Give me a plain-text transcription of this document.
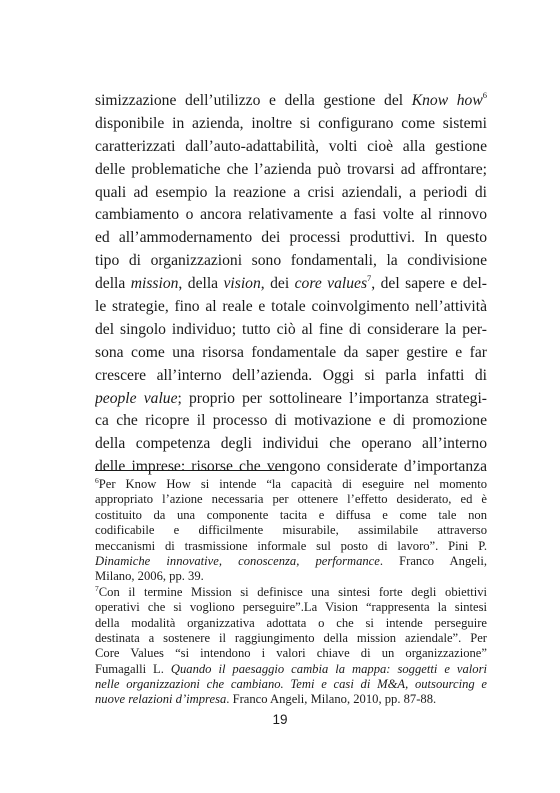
simizzazione dell’utilizzo e della gestione del Know how$^6$
disponibile in azienda, inoltre si configurano come sistemi
caratterizzati dall’auto-adattabilità, volti cioè alla gestione
delle problematiche che l’azienda può trovarsi ad affrontare;
quali ad esempio la reazione a crisi aziendali, a periodi di
cambiamento o ancora relativamente a fasi volte al rinnovo
ed all’ammodernamento dei processi produttivi. In questo
tipo di organizzazioni sono fondamentali, la condivisione
della mission, della vision, dei core values$^7$, del sapere e del-
le strategie, fino al reale e totale coinvolgimento nell’attività
del singolo individuo; tutto ciò al fine di considerare la per-
sona come una risorsa fondamentale da saper gestire e far
crescere all’interno dell’azienda. Oggi si parla infatti di
people value; proprio per sottolineare l’importanza strategi-
ca che ricopre il processo di motivazione e di promozione
della competenza degli individui che operano all’interno
delle imprese: risorse che vengono considerate d’importanza
$^6$Per Know How si intende “la capacità di eseguire nel momento
appropriato l’azione necessaria per ottenere l’effetto desiderato, ed è
costituito da una componente tacita e diffusa e come tale non
codificabile e difficilmente misurabile, assimilabile attraverso
meccanismi di trasmissione informale sul posto di lavoro”. Pini P.
Dinamiche innovative, conoscenza, performance. Franco Angeli,
Milano, 2006, pp. 39.
$^7$Con il termine Mission si definisce una sintesi forte degli obiettivi
operativi che si vogliono perseguire”.La Vision “rappresenta la sintesi
della modalità organizzativa adottata o che si intende perseguire
destinata a sostenere il raggiungimento della mission aziendale”. Per
Core Values “si intendono i valori chiave di un organizzazione”
Fumagalli L. Quando il paesaggio cambia la mappa: soggetti e valori
nelle organizzazioni che cambiano. Temi e casi di M&A, outsourcing e
nuove relazioni d’impresa. Franco Angeli, Milano, 2010, pp. 87-88.
19
